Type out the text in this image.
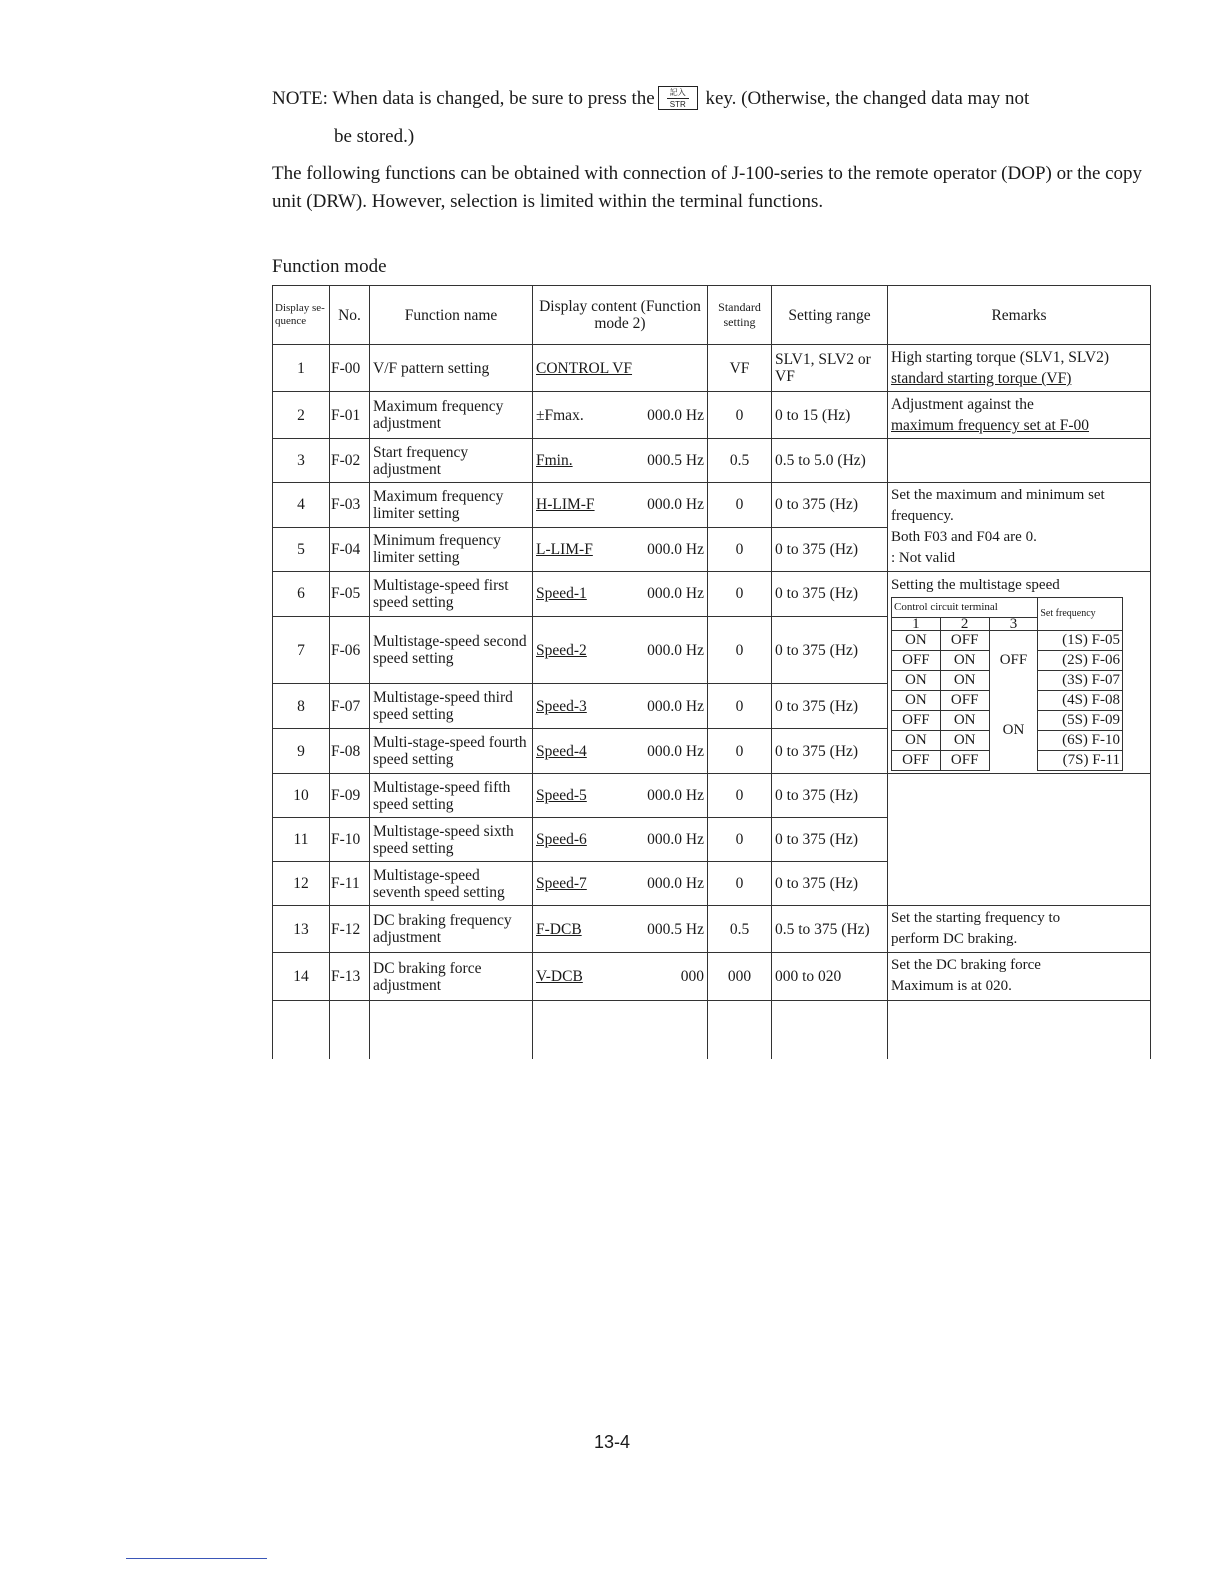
NOTE: When data is changed, be sure to press the	記入
STR key. (Otherwise, the changed data may not
be stored.)
The following functions can be obtained with connection of J-100-series to the remote operator (DOP) or the copy unit (DRW). However, selection is limited within the terminal functions.
Function mode
Display se- quence	No.	Function name	Display content (Function mode 2)	Standard setting	Setting range	Remarks
1	F-00	V/F pattern setting	CONTROL VF	VF	SLV1, SLV2 or VF	
High starting torque (SLV1, SLV2)
standard starting torque (VF)

2	F-01	Maximum frequency adjustment	±Fmax.	000.0 Hz	0	0 to 15 (Hz)	
Adjustment against the
maximum frequency set at F-00

3	F-02	Start frequency adjustment	Fmin.	000.5 Hz	0.5	0.5 to 5.0 (Hz)	
4	F-03	Maximum frequency limiter setting	H-LIM-F	000.0 Hz	0	0 to 375 (Hz)	
Set the maximum and minimum set frequency.
Both F03 and F04 are 0.
: Not valid

5	F-04	Minimum frequency limiter setting	L-LIM-F	000.0 Hz	0	0 to 375 (Hz)
6	F-05	Multistage-speed first speed setting	Speed-1	000.0 Hz	0	0 to 375 (Hz)	
Setting the multistage speed
Control circuit terminal	Set frequency
1	2	3
ON	OFF	OFF	(1S) F-05
OFF	ON	(2S) F-06
ON	ON	(3S) F-07
ON	OFF	ON	(4S) F-08
OFF	ON	(5S) F-09
ON	ON	(6S) F-10
OFF	OFF	(7S) F-11

7	F-06	Multistage-speed second speed setting	Speed-2	000.0 Hz	0	0 to 375 (Hz)
8	F-07	Multistage-speed third speed setting	Speed-3	000.0 Hz	0	0 to 375 (Hz)
9	F-08	Multi-stage-speed fourth speed setting	Speed-4	000.0 Hz	0	0 to 375 (Hz)
10	F-09	Multistage-speed fifth speed setting	Speed-5	000.0 Hz	0	0 to 375 (Hz)	
11	F-10	Multistage-speed sixth speed setting	Speed-6	000.0 Hz	0	0 to 375 (Hz)
12	F-11	Multistage-speed seventh speed setting	Speed-7	000.0 Hz	0	0 to 375 (Hz)
13	F-12	DC braking frequency adjustment	F-DCB	000.5 Hz	0.5	0.5 to 375 (Hz)	
Set the starting frequency to
perform DC braking.

14	F-13	DC braking force adjustment	V-DCB	000	000	000 to 020	
Set the DC braking force
Maximum is at 020.

13-4
